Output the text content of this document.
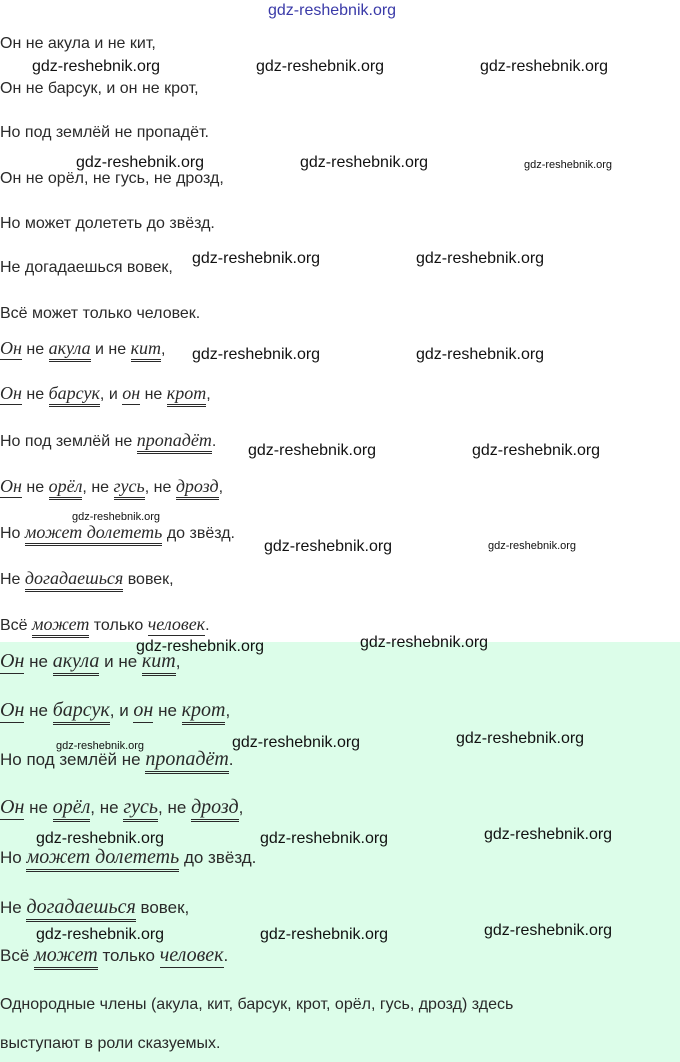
Он не акула и не кит,
Он не барсук, и он не крот,
Но под землёй не пропадёт.
Он не орёл, не гусь, не дрозд,
Но может долететь до звёзд.
Не догадаешься вовек,
Всё может только человек.
Он не акула и не кит,
Он не барсук, и он не крот,
Но под землёй не пропадёт.
Он не орёл, не гусь, не дрозд,
Но может долететь до звёзд.
Не догадаешься вовек,
Всё может только человек.
Он не акула и не кит,
Он не барсук, и он не крот,
Но под землёй не пропадёт.
Он не орёл, не гусь, не дрозд,
Но может долететь до звёзд.
Не догадаешься вовек,
Всё может только человек.
Однородные члены (акула, кит, барсук, крот, орёл, гусь, дрозд) здесь
выступают в роли сказуемых.
gdz-reshebnik.org
gdz-reshebnik.org	gdz-reshebnik.org	gdz-reshebnik.org
gdz-reshebnik.org	gdz-reshebnik.org	gdz-reshebnik.org
gdz-reshebnik.org	gdz-reshebnik.org
gdz-reshebnik.org	gdz-reshebnik.org
gdz-reshebnik.org	gdz-reshebnik.org
gdz-reshebnik.org
gdz-reshebnik.org	gdz-reshebnik.org
gdz-reshebnik.org	gdz-reshebnik.org
gdz-reshebnik.org	gdz-reshebnik.org	gdz-reshebnik.org
gdz-reshebnik.org	gdz-reshebnik.org	gdz-reshebnik.org
gdz-reshebnik.org	gdz-reshebnik.org	gdz-reshebnik.org
